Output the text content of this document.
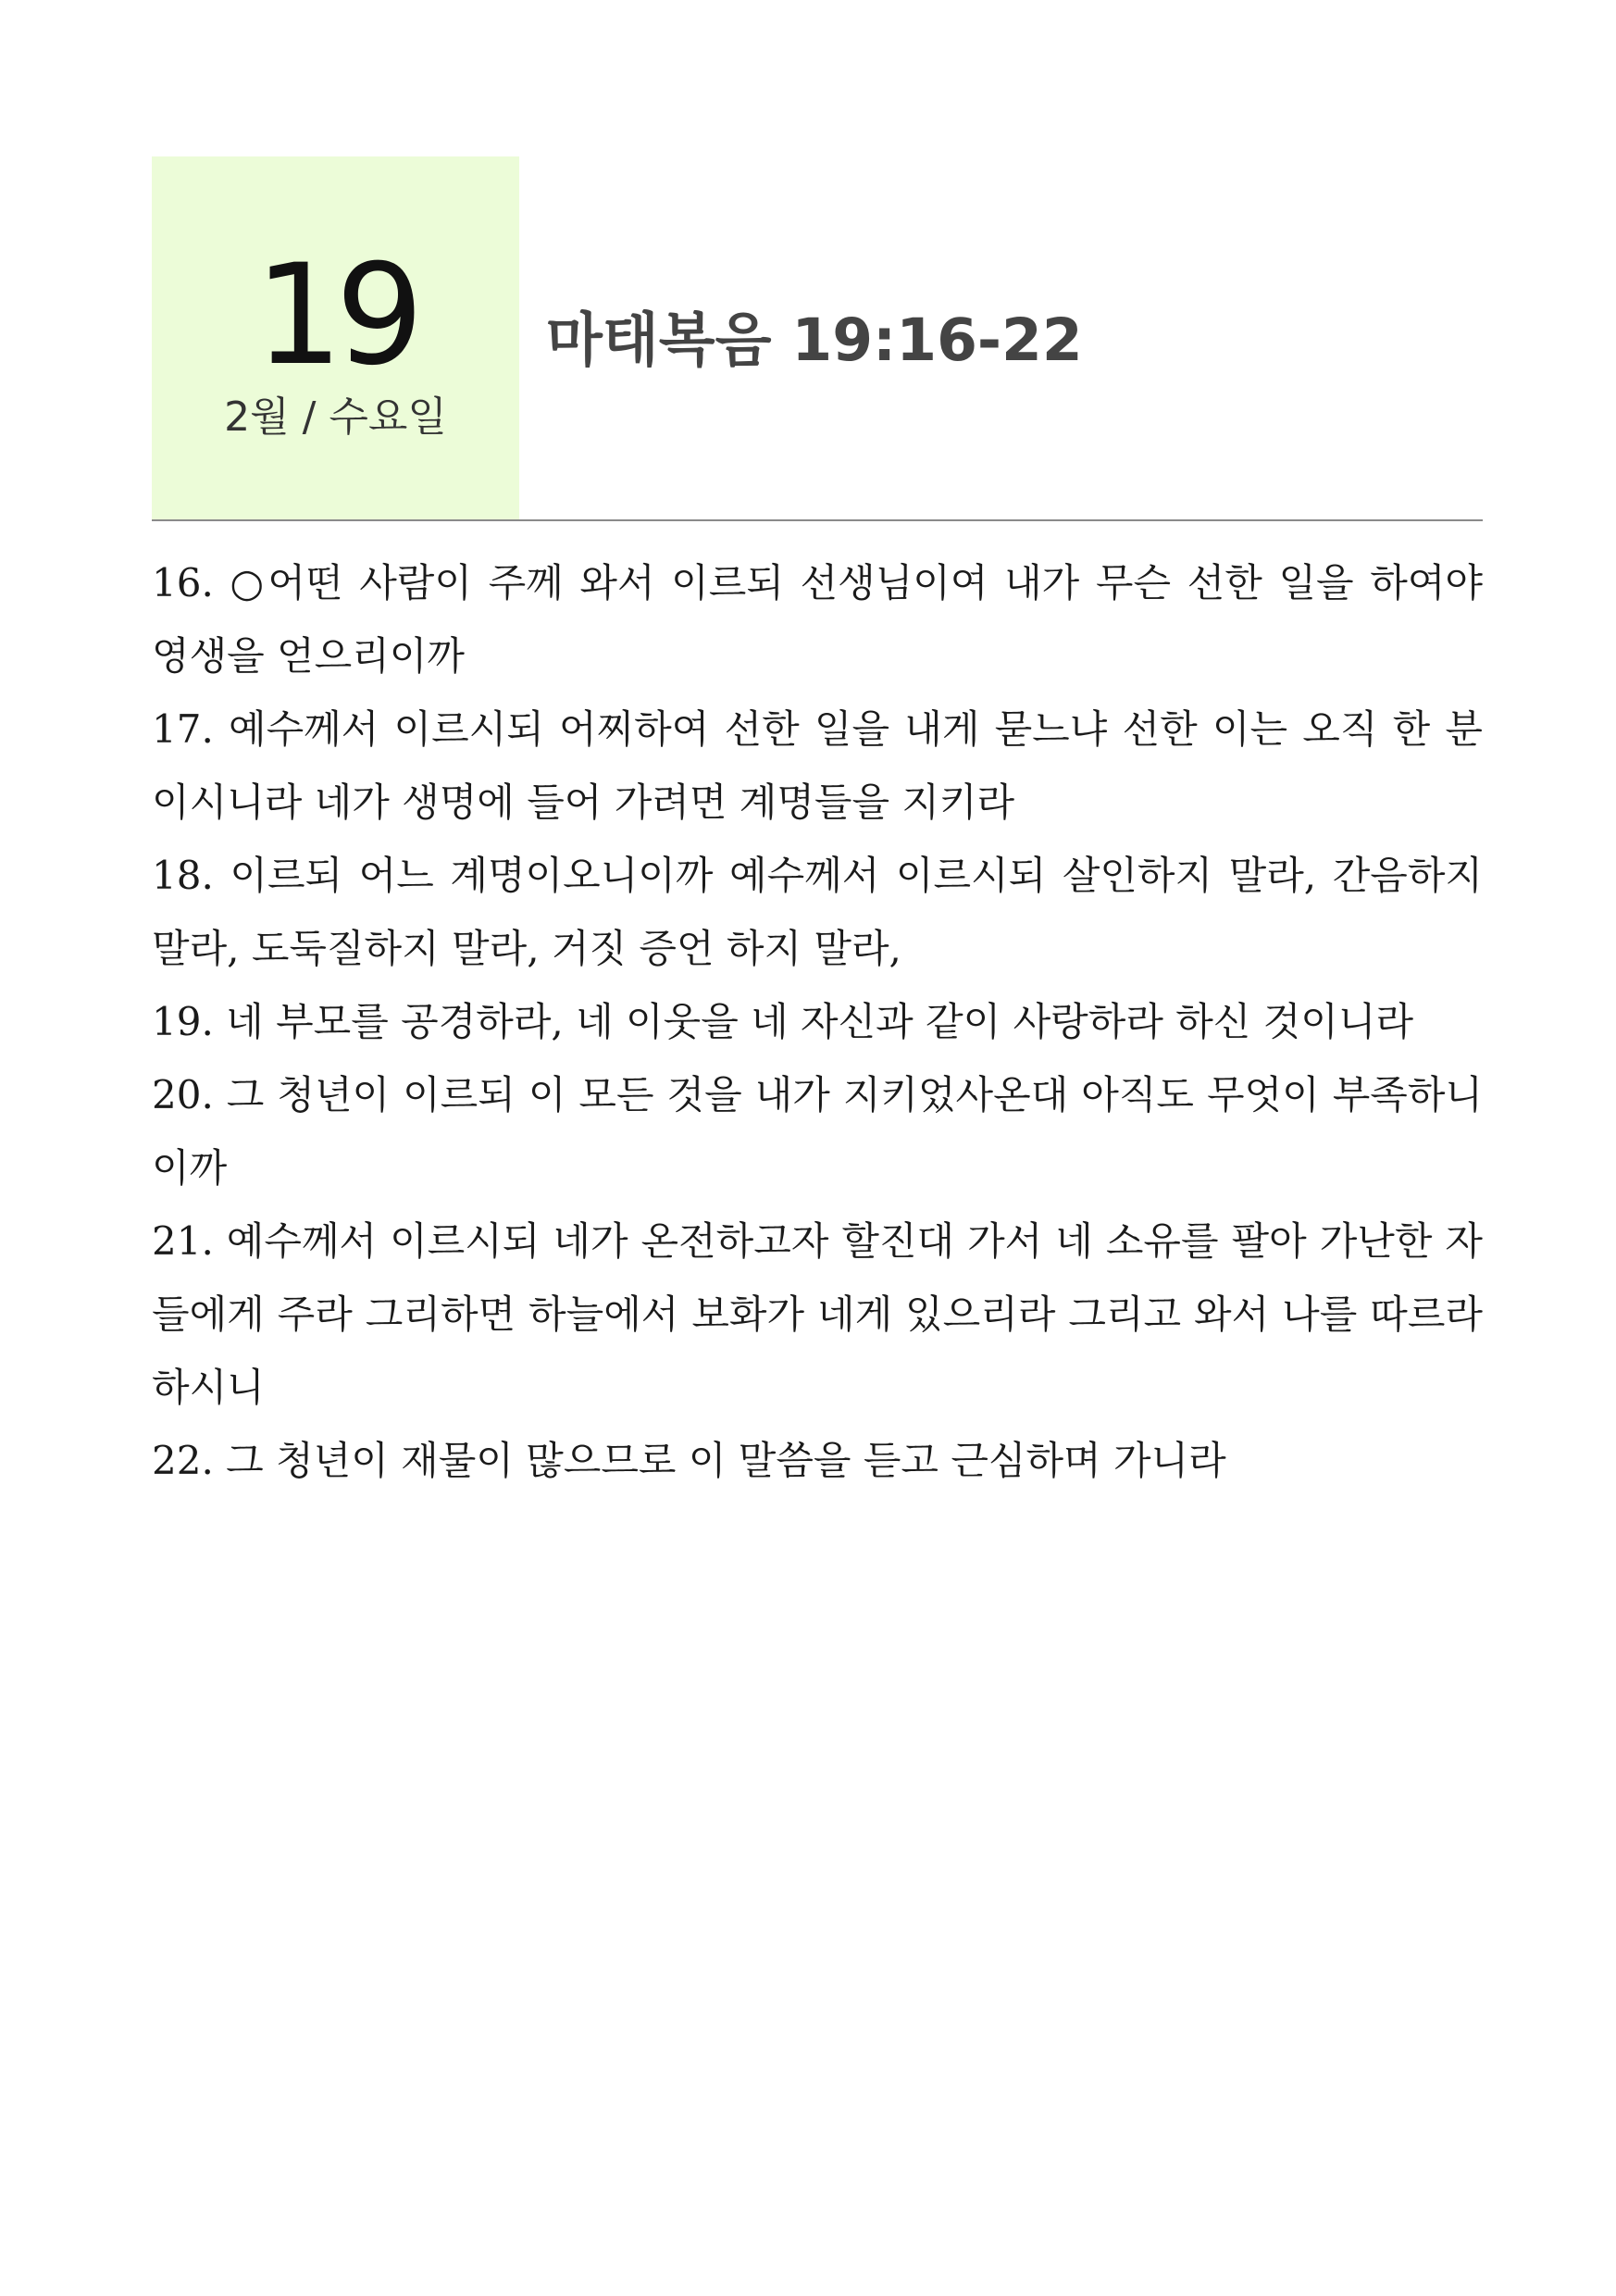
19
2월 / 수요일
마태복음 19:16-22

16. ○어떤 사람이 주께 와서 이르되 선생님이여 내가 무슨 선한 일을 하여야 영생을 얻으리이까

17. 예수께서 이르시되 어찌하여 선한 일을 내게 묻느냐 선한 이는 오직 한 분이시니라 네가 생명에 들어 가려면 계명들을 지키라

18. 이르되 어느 계명이오니이까 예수께서 이르시되 살인하지 말라, 간음하지 말라, 도둑질하지 말라, 거짓 증언 하지 말라,

19. 네 부모를 공경하라, 네 이웃을 네 자신과 같이 사랑하라 하신 것이니라

20. 그 청년이 이르되 이 모든 것을 내가 지키었사온대 아직도 무엇이 부족하니이까

21. 예수께서 이르시되 네가 온전하고자 할진대 가서 네 소유를 팔아 가난한 자들에게 주라 그리하면 하늘에서 보화가 네게 있으리라 그리고 와서 나를 따르라 하시니

22. 그 청년이 재물이 많으므로 이 말씀을 듣고 근심하며 가니라
